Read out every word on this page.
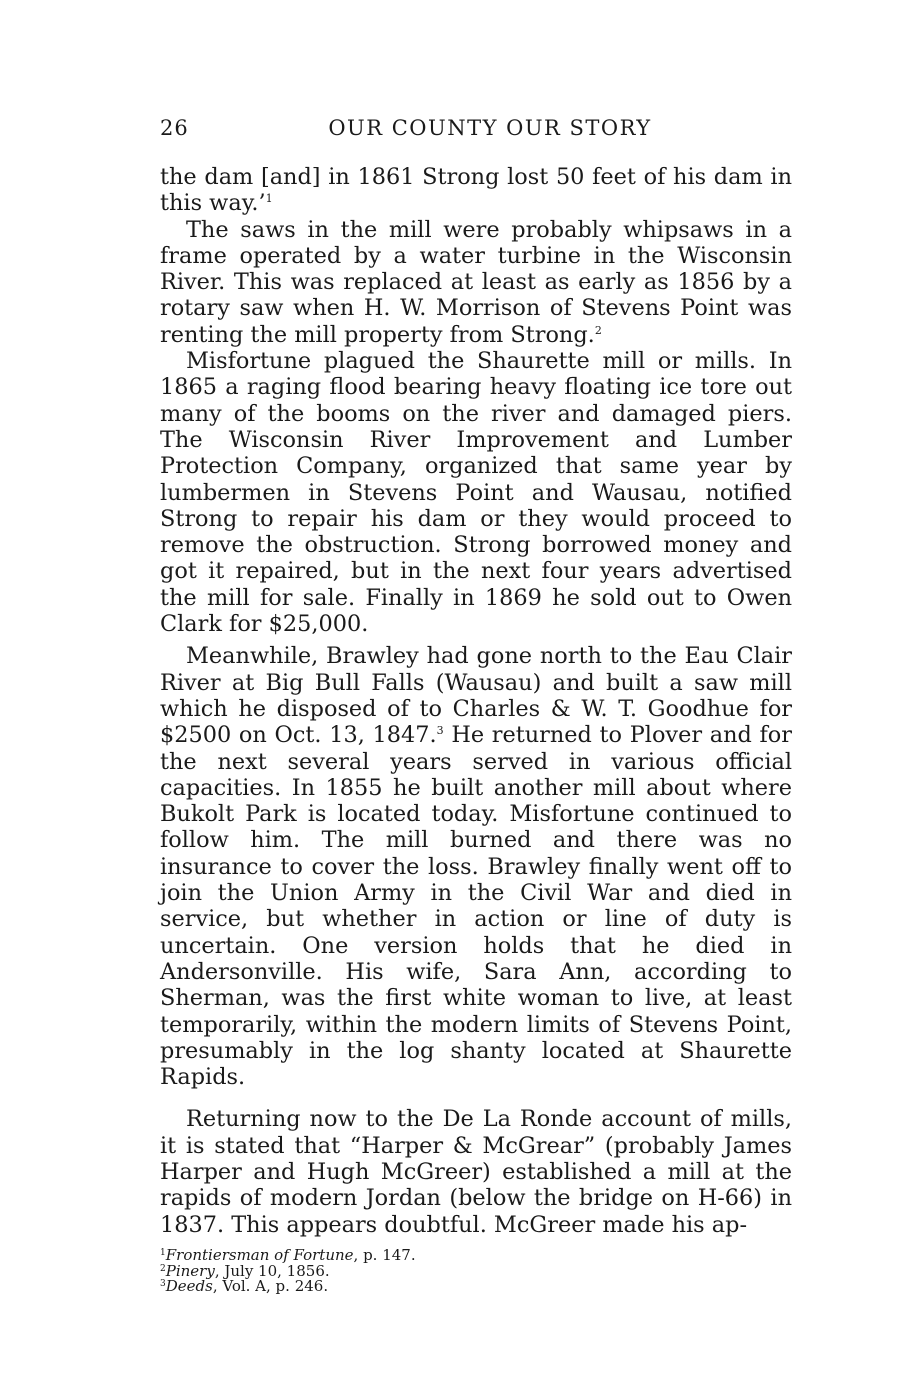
26	OUR COUNTY OUR STORY

the dam [and] in 1861 Strong lost 50 feet of his dam in this way.’$^1$

The saws in the mill were probably whipsaws in a frame operated by a water turbine in the Wisconsin River. This was replaced at least as early as 1856 by a rotary saw when H. W. Morrison of Stevens Point was renting the mill property from Strong.$^2$

Misfortune plagued the Shaurette mill or mills. In 1865 a raging flood bearing heavy floating ice tore out many of the booms on the river and damaged piers. The Wisconsin River Improvement and Lumber Protection Company, organized that same year by lumbermen in Stevens Point and Wausau, notified Strong to repair his dam or they would proceed to remove the obstruction. Strong borrowed money and got it repaired, but in the next four years advertised the mill for sale. Finally in 1869 he sold out to Owen Clark for $25,000.

Meanwhile, Brawley had gone north to the Eau Clair River at Big Bull Falls (Wausau) and built a saw mill which he disposed of to Charles & W. T. Goodhue for $2500 on Oct. 13, 1847.$^3$ He returned to Plover and for the next several years served in various official capacities. In 1855 he built another mill about where Bukolt Park is located today. Misfortune continued to follow him. The mill burned and there was no insurance to cover the loss. Brawley finally went off to join the Union Army in the Civil War and died in service, but whether in action or line of duty is uncertain. One version holds that he died in Andersonville. His wife, Sara Ann, according to Sherman, was the first white woman to live, at least temporarily, within the modern limits of Stevens Point, presumably in the log shanty located at Shaurette Rapids.

Returning now to the De La Ronde account of mills, it is stated that “Harper & McGrear” (probably James Harper and Hugh McGreer) established a mill at the rapids of modern Jordan (below the bridge on H-66) in 1837. This appears doubtful. McGreer made his ap-

$^1$Frontiersman of Fortune, p. 147.
$^2$Pinery, July 10, 1856.
$^3$Deeds, Vol. A, p. 246.
